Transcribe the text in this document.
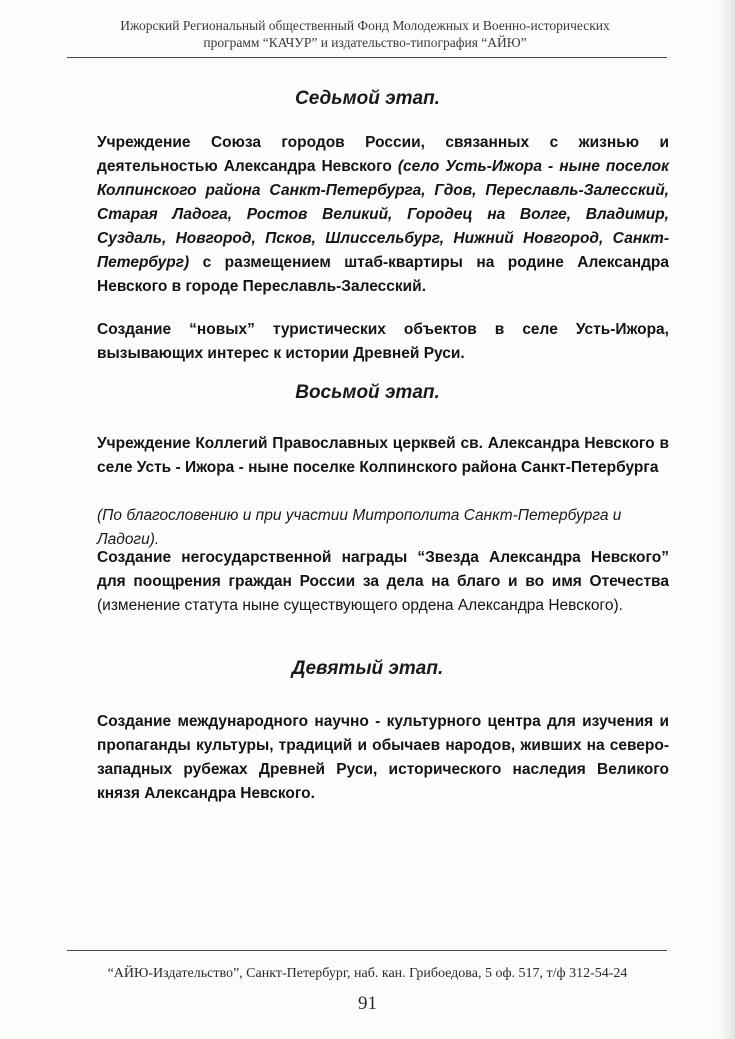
Ижорский Региональный общественный Фонд Молодежных и Военно-исторических
программ “КАЧУР” и издательство-типография “АЙЮ”
Седьмой этап.
Учреждение Союза городов России, связанных с жизнью и деятельностью Александра Невского (село Усть-Ижора - ныне поселок Колпинского района Санкт-Петербурга, Гдов, Переславль-Залесский, Старая Ладога, Ростов Великий, Городец на Волге, Владимир, Суздаль, Новгород, Псков, Шлиссельбург, Нижний Новгород, Санкт-Петербург) с размещением штаб-квартиры на родине Александра Невского в городе Переславль-Залесский.
Создание “новых” туристических объектов в селе Усть-Ижора, вызывающих интерес к истории Древней Руси.
Восьмой этап.
Учреждение Коллегий Православных церквей св. Александра Невского в селе Усть - Ижора - ныне поселке Колпинского района Санкт-Петербурга
(По благословению и при участии Митрополита Санкт-Петербурга и Ладоги).
Создание негосударственной награды “Звезда Александра Невского” для поощрения граждан России за дела на благо и во имя Отечества (изменение статута ныне существующего ордена Александра Невского).
Девятый этап.
Создание международного научно - культурного центра для изучения и пропаганды культуры, традиций и обычаев народов, живших на северо-западных рубежах Древней Руси, исторического наследия Великого князя Александра Невского.
“АЙЮ-Издательство”, Санкт-Петербург, наб. кан. Грибоедова, 5 оф. 517, т/ф 312-54-24
91
